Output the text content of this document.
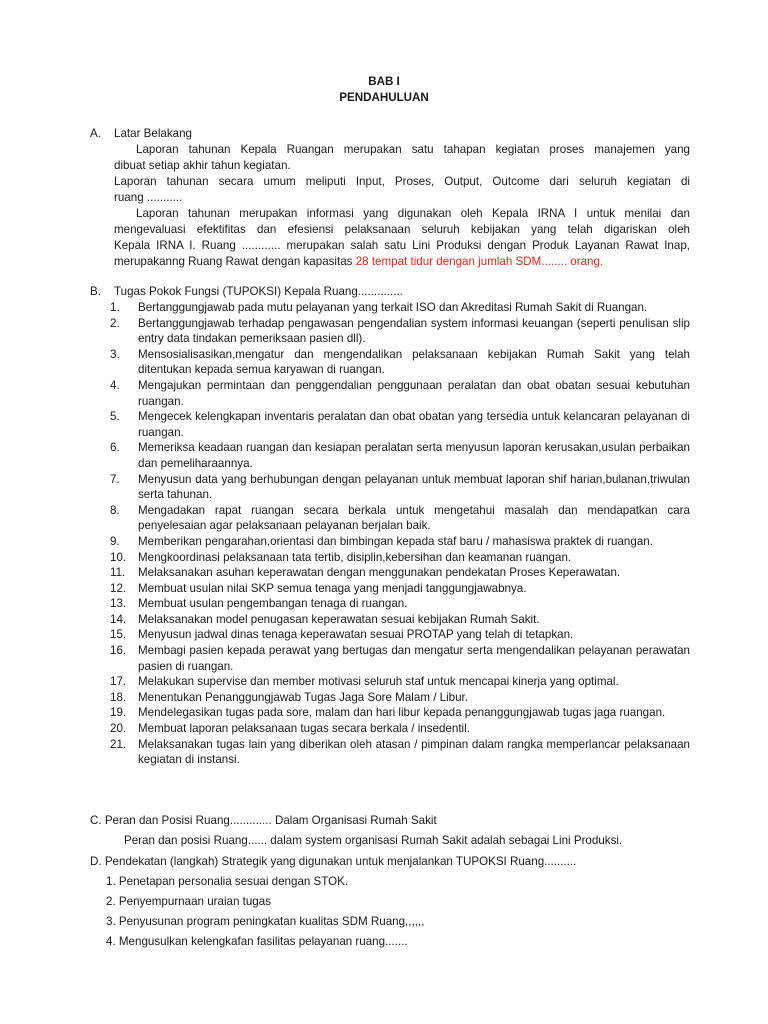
BAB I
PENDAHULUAN
A. Latar Belakang
Laporan tahunan Kepala Ruangan merupakan satu tahapan kegiatan proses manajemen yang
dibuat setiap akhir tahun kegiatan.
Laporan tahunan secara umum meliputi Input, Proses, Output, Outcome dari seluruh kegiatan di
ruang ...........
Laporan tahunan merupakan informasi yang digunakan oleh Kepala IRNA I untuk menilai dan
mengevaluasi efektifitas dan efesiensi pelaksanaan seluruh kebijakan yang telah digariskan oleh
Kepala IRNA I. Ruang ............ merupakan salah satu Lini Produksi dengan Produk Layanan Rawat Inap,
merupakanng Ruang Rawat dengan kapasitas 28 tempat tidur dengan jumlah SDM........ orang.
B. Tugas Pokok Fungsi (TUPOKSI) Kepala Ruang..............
1.	Bertanggungjawab pada mutu pelayanan yang terkait ISO dan Akreditasi Rumah Sakit di Ruangan.
2.	Bertanggungjawab terhadap pengawasan pengendalian system informasi keuangan (seperti penulisan slip entry data tindakan pemeriksaan pasien dll).
3.	Mensosialisasikan,mengatur dan mengendalikan pelaksanaan kebijakan Rumah Sakit yang telah ditentukan kepada semua karyawan di ruangan.
4.	Mengajukan permintaan dan penggendalian penggunaan peralatan dan obat obatan sesuai kebutuhan ruangan.
5.	Mengecek kelengkapan inventaris peralatan dan obat obatan yang tersedia untuk kelancaran pelayanan di ruangan.
6.	Memeriksa keadaan ruangan dan kesiapan peralatan serta menyusun laporan kerusakan,usulan perbaikan dan pemeliharaannya.
7.	Menyusun data yang berhubungan dengan pelayanan untuk membuat laporan shif harian,bulanan,triwulan serta tahunan.
8.	Mengadakan rapat ruangan secara berkala untuk mengetahui masalah dan mendapatkan cara penyelesaian agar pelaksanaan pelayanan berjalan baik.
9.	Memberikan pengarahan,orientasi dan bimbingan kepada staf baru / mahasiswa praktek di ruangan.
10.	Mengkoordinasi pelaksanaan tata tertib, disiplin,kebersihan dan keamanan ruangan.
11.	Melaksanakan asuhan keperawatan dengan menggunakan pendekatan Proses Keperawatan.
12.	Membuat usulan nilai SKP semua tenaga yang menjadi tanggungjawabnya.
13.	Membuat usulan pengembangan tenaga di ruangan.
14.	Melaksanakan model penugasan keperawatan sesuai kebijakan Rumah Sakit.
15.	Menyusun jadwal dinas tenaga keperawatan sesuai PROTAP yang telah di tetapkan.
16.	Membagi pasien kepada perawat yang bertugas dan mengatur serta mengendalikan pelayanan perawatan pasien di ruangan.
17.	Melakukan supervise dan member motivasi seluruh staf untuk mencapai kinerja yang optimal.
18.	Menentukan Penanggungjawab Tugas Jaga Sore Malam / Libur.
19.	Mendelegasikan tugas pada sore, malam dan hari libur kepada penanggungjawab tugas jaga ruangan.
20.	Membuat laporan pelaksanaan tugas secara berkala / insedentil.
21.	Melaksanakan tugas lain yang diberikan oleh atasan / pimpinan dalam rangka memperlancar pelaksanaan kegiatan di instansi.
C. Peran dan Posisi Ruang............. Dalam Organisasi Rumah Sakit
Peran dan posisi Ruang...... dalam system organisasi Rumah Sakit adalah sebagai Lini Produksi.
D. Pendekatan (langkah) Strategik yang digunakan untuk menjalankan TUPOKSI Ruang..........
1. Penetapan personalia sesuai dengan STOK.
2. Penyempurnaan uraian tugas
3. Penyusunan program peningkatan kualitas SDM Ruang,,,,,,
4. Mengusulkan kelengkafan fasilitas pelayanan ruang.......
